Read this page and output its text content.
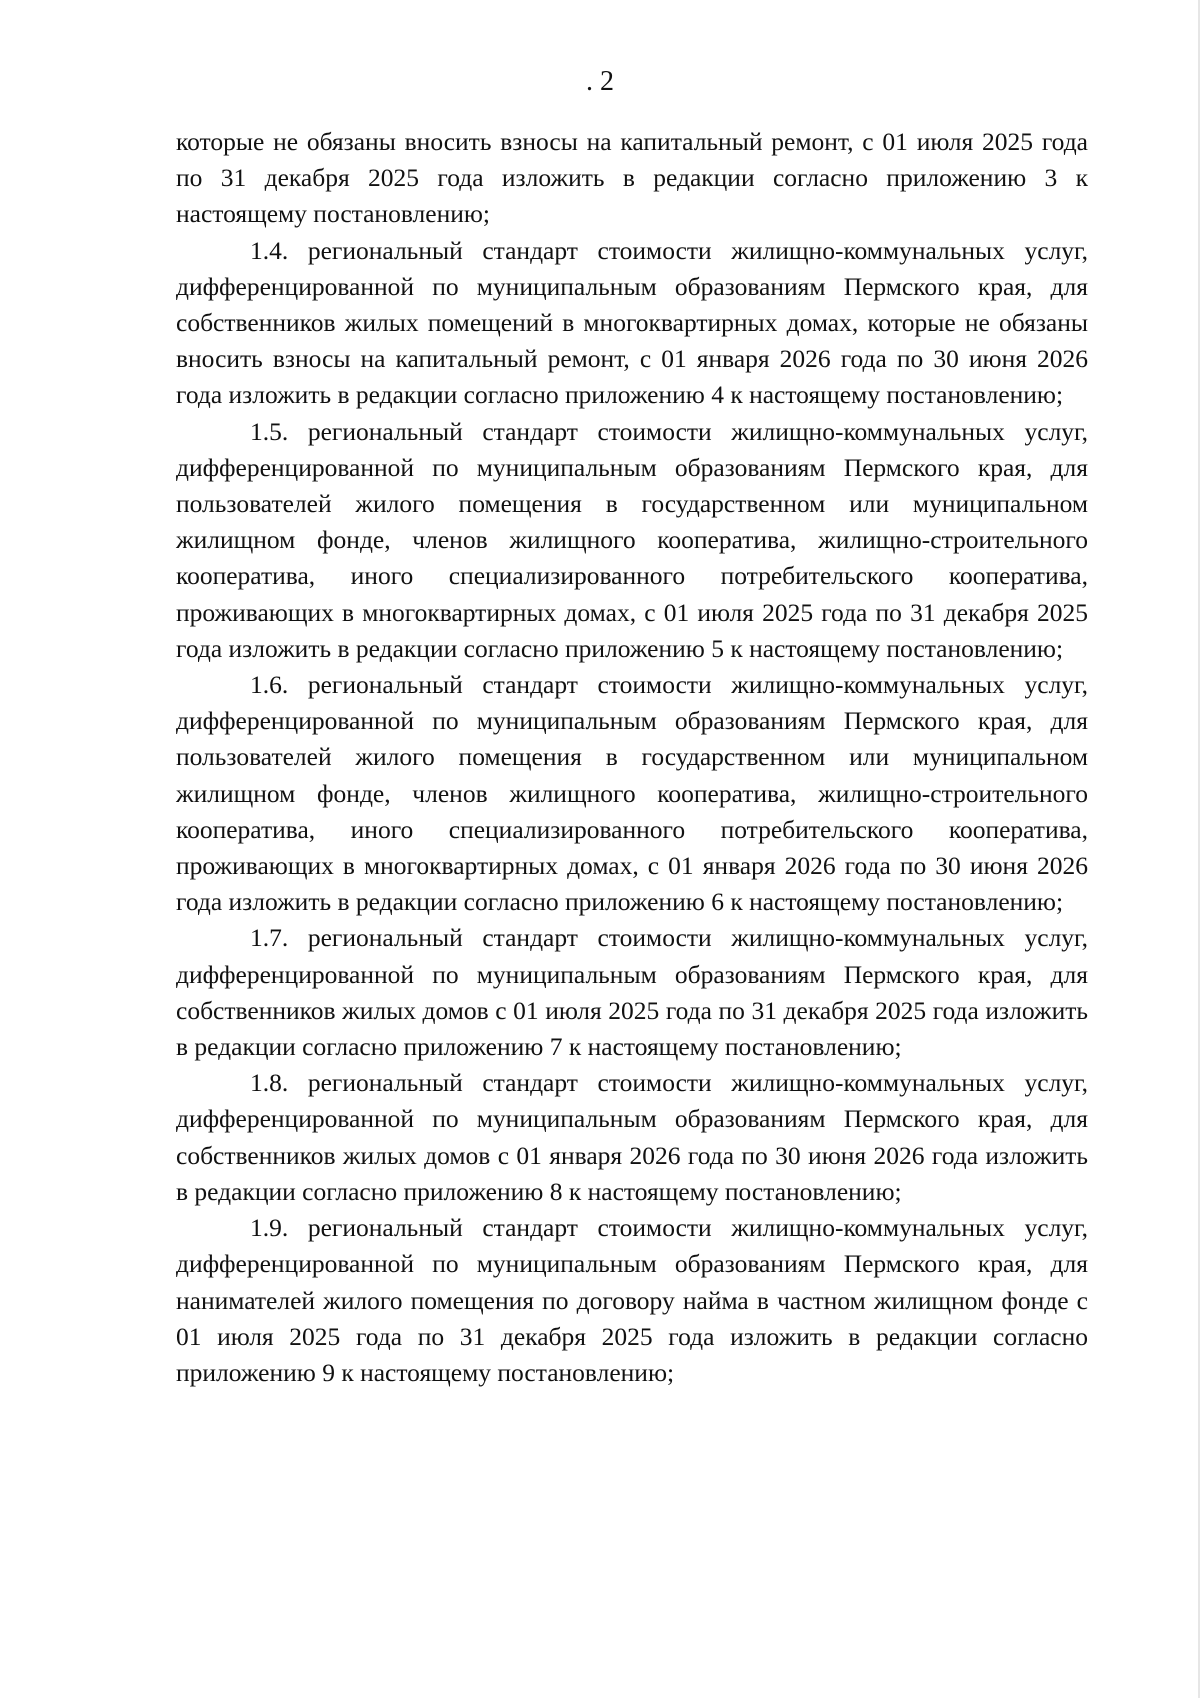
. 2

которые не обязаны вносить взносы на капитальный ремонт, с 01 июля 2025 года по 31 декабря 2025 года изложить в редакции согласно приложению 3 к настоящему постановлению;

1.4. региональный стандарт стоимости жилищно-коммунальных услуг, дифференцированной по муниципальным образованиям Пермского края, для собственников жилых помещений в многоквартирных домах, которые не обязаны вносить взносы на капитальный ремонт, с 01 января 2026 года по 30 июня 2026 года изложить в редакции согласно приложению 4 к настоящему постановлению;

1.5. региональный стандарт стоимости жилищно-коммунальных услуг, дифференцированной по муниципальным образованиям Пермского края, для пользователей жилого помещения в государственном или муниципальном жилищном фонде, членов жилищного кооператива, жилищно-строительного кооператива, иного специализированного потребительского кооператива, проживающих в многоквартирных домах, с 01 июля 2025 года по 31 декабря 2025 года изложить в редакции согласно приложению 5 к настоящему постановлению;

1.6. региональный стандарт стоимости жилищно-коммунальных услуг, дифференцированной по муниципальным образованиям Пермского края, для пользователей жилого помещения в государственном или муниципальном жилищном фонде, членов жилищного кооператива, жилищно-строительного кооператива, иного специализированного потребительского кооператива, проживающих в многоквартирных домах, с 01 января 2026 года по 30 июня 2026 года изложить в редакции согласно приложению 6 к настоящему постановлению;

1.7. региональный стандарт стоимости жилищно-коммунальных услуг, дифференцированной по муниципальным образованиям Пермского края, для собственников жилых домов с 01 июля 2025 года по 31 декабря 2025 года изложить в редакции согласно приложению 7 к настоящему постановлению;

1.8. региональный стандарт стоимости жилищно-коммунальных услуг, дифференцированной по муниципальным образованиям Пермского края, для собственников жилых домов с 01 января 2026 года по 30 июня 2026 года изложить в редакции согласно приложению 8 к настоящему постановлению;

1.9. региональный стандарт стоимости жилищно-коммунальных услуг, дифференцированной по муниципальным образованиям Пермского края, для нанимателей жилого помещения по договору найма в частном жилищном фонде с 01 июля 2025 года по 31 декабря 2025 года изложить в редакции согласно приложению 9 к настоящему постановлению;
